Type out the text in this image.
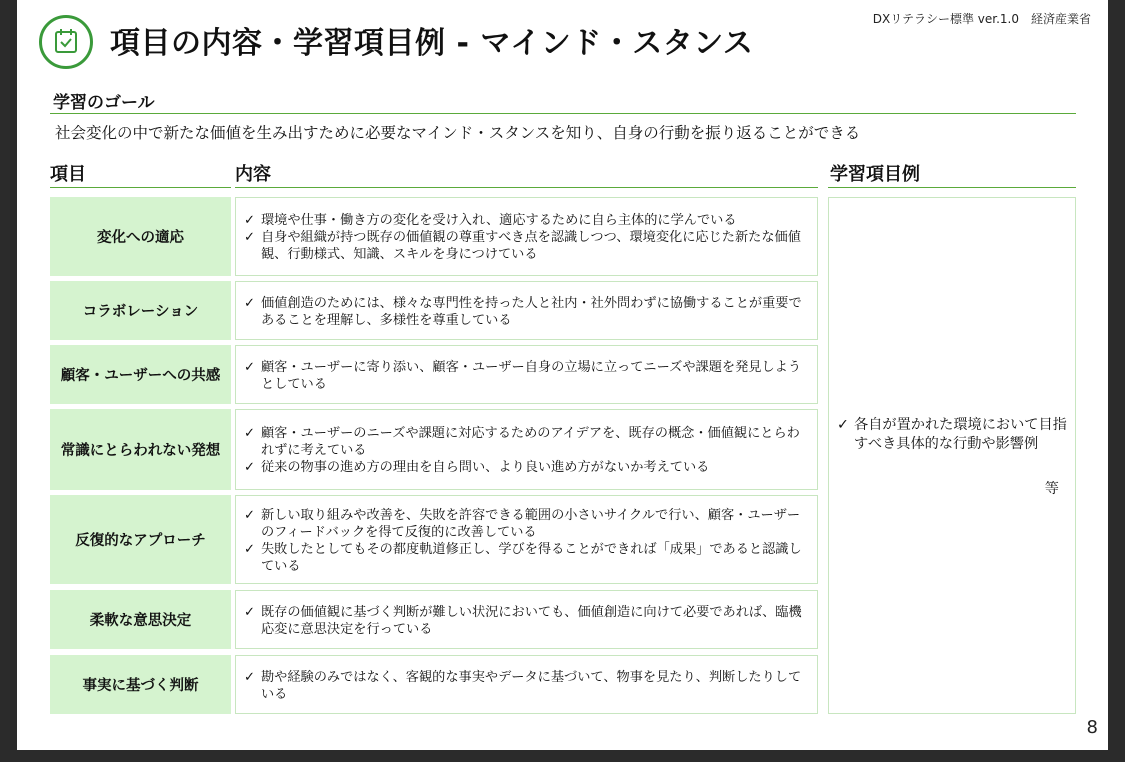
項目の内容・学習項目例 - マインド・スタンス
DXリテラシー標準 ver.1.0　経済産業省
学習のゴール
社会変化の中で新たな価値を生み出すために必要なマインド・スタンスを知り、自身の行動を振り返ることができる
項目	内容	学習項目例
変化への適応
✓ 環境や仕事・働き方の変化を受け入れ、適応するために自ら主体的に学んでいる
✓ 自身や組織が持つ既存の価値観の尊重すべき点を認識しつつ、環境変化に応じた新たな価値観、行動様式、知識、スキルを身につけている
コラボレーション
✓ 価値創造のためには、様々な専門性を持った人と社内・社外問わずに協働することが重要であることを理解し、多様性を尊重している
顧客・ユーザーへの共感
✓ 顧客・ユーザーに寄り添い、顧客・ユーザー自身の立場に立ってニーズや課題を発見しようとしている
常識にとらわれない発想
✓ 顧客・ユーザーのニーズや課題に対応するためのアイデアを、既存の概念・価値観にとらわれずに考えている
✓ 従来の物事の進め方の理由を自ら問い、より良い進め方がないか考えている
反復的なアプローチ
✓ 新しい取り組みや改善を、失敗を許容できる範囲の小さいサイクルで行い、顧客・ユーザーのフィードバックを得て反復的に改善している
✓ 失敗したとしてもその都度軌道修正し、学びを得ることができれば「成果」であると認識している
柔軟な意思決定
✓ 既存の価値観に基づく判断が難しい状況においても、価値創造に向けて必要であれば、臨機応変に意思決定を行っている
事実に基づく判断
✓ 勘や経験のみではなく、客観的な事実やデータに基づいて、物事を見たり、判断したりしている
✓ 各自が置かれた環境において目指すべき具体的な行動や影響例
等
8
